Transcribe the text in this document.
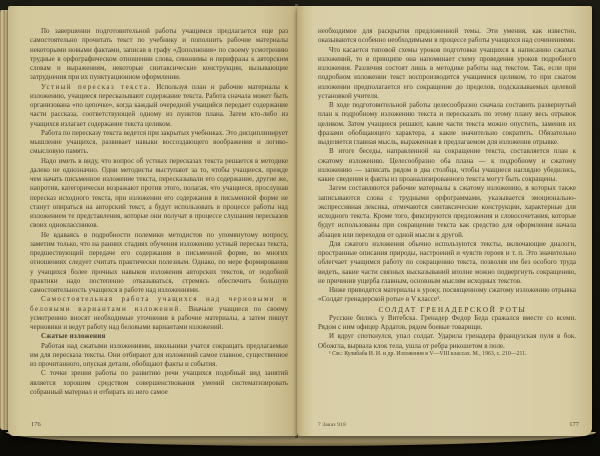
По завершении подготовительной работы учащимся предлагается еще раз самостоятельно прочитать текст по учебнику и пополнить рабочие материалы некоторыми новыми фактами, записав в графу «Дополнения» по своему усмотрению трудные в орфографическом отношении слова, синонимы и перифразы к авторским словам и выражениям, некоторые синтаксические конструкции, вызывающие затруднения при их пунктуационном оформлении.

Устный пересказ текста. Используя план и рабочие материалы к изложению, учащиеся пересказывают содержание текста. Работа сначала может быть организована «по цепочке», когда каждый очередной учащийся передает содержание части рассказа, соответствующей одному из пунктов плана. Затем кто-либо из учащихся излагает содержание текста целиком.

Работа по пересказу текста ведется при закрытых учебниках. Это дисциплинирует мышление учащихся, развивает навыки воссоздающего воображения и логико-смысловую память.

Надо иметь в виду, что вопрос об устных пересказах текста решается в методике далеко не однозначно. Одни методисты выступают за то, чтобы учащиеся, прежде чем начать письменное изложение текста, пересказывали его содержание, другие же, напротив, категорически возражают против этого, полагая, что учащиеся, прослушав пересказ исходного текста, при изложении его содержания в письменной форме не станут опираться на авторский текст, а будут использовать в процессе работы над изложением те представления, которые они получат в процессе слушания пересказов своих одноклассников.

Не вдаваясь в подробности полемики методистов по упомянутому вопросу, заметим только, что на ранних стадиях обучения изложению устный пересказ текста, предшествующий передаче его содержания в письменной форме, во многих отношениях следует считать практически полезным. Однако, по мере формирования у учащихся более прочных навыков изложения авторских текстов, от подобной практики надо постепенно отказываться, стремясь обеспечить большую самостоятельность учащихся в работе над изложениями.

Самостоятельная работа учащихся над черновыми и беловыми вариантами изложений. Вначале учащиеся по своему усмотрению вносят необходимые уточнения в рабочие материалы, а затем пишут черновики и ведут работу над беловыми вариантами изложений.

Сжатые изложения

Работая над сжатыми изложениями, школьники учатся сокращать предлагаемые им для пересказа тексты. Они отбирают для изложений самое главное, существенное из прочитанного, опуская детали, обобщают факты и события.

С точки зрения работы по развитию речи учащихся подобный вид занятий является хорошим средством совершенствования умений систематизировать собранный материал и отбирать из него самое

176

необходимое для раскрытия предложенной темы. Эти умения, как известно, оказываются особенно необходимыми в процессе работы учащихся над сочинениями.

Что касается типовой схемы уроков подготовки учащихся к написанию сжатых изложений, то в принципе она напоминает схему проведения уроков подробного изложения. Различия состоят лишь в методике работы над текстом. Так, если при подробном изложении текст воспроизводится учащимися целиком, то при сжатом изложении предполагается его сокращение до пределов, подсказываемых целевой установкой учителя.

В ходе подготовительной работы целесообразно сначала составить развернутый план к подробному изложению текста и пересказать по этому плану весь отрывок целиком. Затем учащиеся решают, какие части текста можно опустить, заменив их фразами обобщающего характера, а какие значительно сократить. Обязательно выделяется главная мысль, выраженная в предлагаемом для изложения отрывке.

В итоге беседы, направленной на сокращение текста, составляется план к сжатому изложению. Целесообразно оба плана — к подробному и сжатому изложению — записать рядом в два столбца, чтобы учащиеся наглядно убедились, какие сведения и факты из проанализированного текста могут быть сокращены.

Затем составляются рабочие материалы к сжатому изложению, в которых также записываются слова с трудными орфограммами, указывается эмоционально-экспрессивная лексика, отмечаются синтаксические конструкции, характерные для исходного текста. Кроме того, фиксируются предложения и словосочетания, которые будут использованы при сокращении текста как средство для оформления начала абзацев или переходов от одной мысли к другой.

Для сжатого изложения обычно используются тексты, включающие диалоги, пространные описания природы, настроений и чувств героев и т. п. Это значительно облегчает учащимся работу по сокращению текста, позволяя им без особого труда видеть, какие части связных высказываний вполне можно подвергнуть сокращению, не причинив ущерба главным, основным мыслям исходных текстов.

Ниже приводятся материалы к уроку, посвященному сжатому изложению отрывка «Солдат гренадерской роты» в V классе¹.

СОЛДАТ ГРЕНАДЕРСКОЙ РОТЫ

Русские бились у Витебска. Гренадер Федор Беда сражался вместе со всеми. Рядом с ним офицер Ардатов, рядом боевые товарищи.

И вдруг споткнулся, упал солдат. Ударила гренадера французская пуля в бок. Обожгла, вырвала клок тела, ушла от ребра рикошетом в поле.

¹ См.: Кулибаба И. И. и др. Изложения в V—VIII классах. М., 1963, с. 210—211.

7 Заказ 918	177
